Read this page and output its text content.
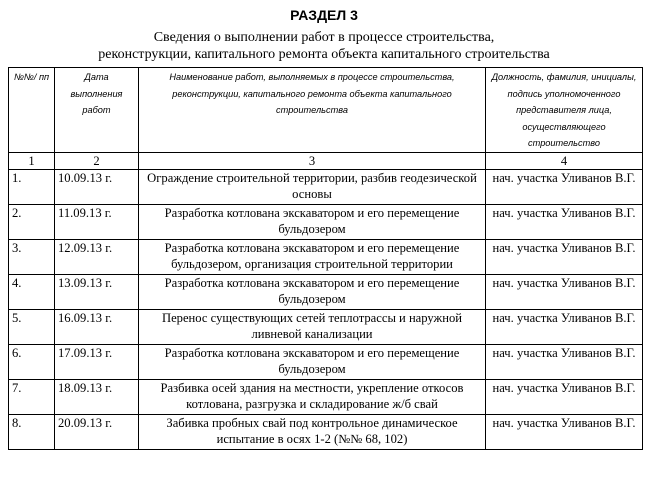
РАЗДЕЛ 3
Сведения о выполнении работ в процессе строительства,
реконструкции, капитального ремонта объекта капитального строительства
№№/ пп	Дата выполнения работ	Наименование работ, выполняемых в процессе строительства, реконструкции, капитального ремонта объекта капитального строительства	Должность, фамилия, инициалы, подпись уполномоченного представителя лица, осуществляющего строительство
1	2	3	4
1.	10.09.13 г.	Ограждение строительной территории, разбив геодезической основы	нач. участка Уливанов В.Г.
2.	11.09.13 г.	Разработка котлована экскаватором и его перемещение бульдозером	нач. участка Уливанов В.Г.
3.	12.09.13 г.	Разработка котлована экскаватором и его перемещение бульдозером, организация строительной территории	нач. участка Уливанов В.Г.
4.	13.09.13 г.	Разработка котлована экскаватором и его перемещение бульдозером	нач. участка Уливанов В.Г.
5.	16.09.13 г.	Перенос существующих сетей теплотрассы и наружной ливневой канализации	нач. участка Уливанов В.Г.
6.	17.09.13 г.	Разработка котлована экскаватором и его перемещение бульдозером	нач. участка Уливанов В.Г.
7.	18.09.13 г.	Разбивка осей здания на местности, укрепление откосов котлована, разгрузка и складирование ж/б свай	нач. участка Уливанов В.Г.
8.	20.09.13 г.	Забивка пробных свай под контрольное динамическое испытание в осях 1-2 (№№ 68, 102)	нач. участка Уливанов В.Г.
